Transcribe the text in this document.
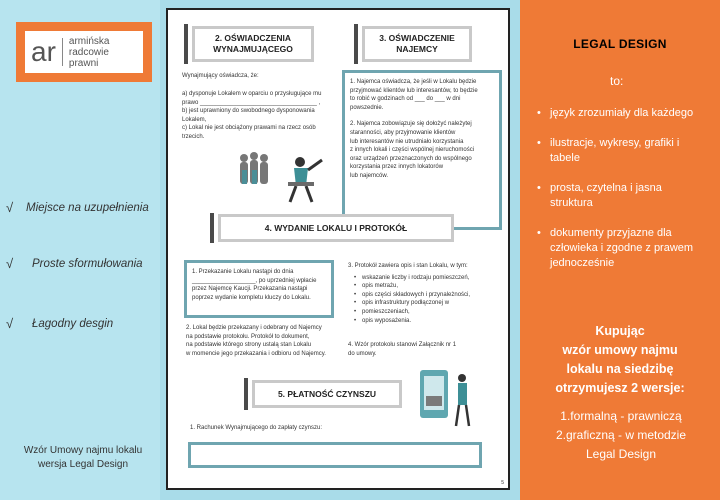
ar	armińska
radcowie
prawni
√	Miejsce na uzupełnienia
√	Proste sformułowania
√	Łagodny desgin
Wzór Umowy najmu lokalu
wersja Legal Design
2. OŚWIADCZENIA
WYNAJMUJĄCEGO
Wynajmujący oświadcza, że:
a) dysponuje Lokalem w oparciu o przysługujące mu
prawo ___________________________________ ,
b) jest uprawniony do swobodnego dysponowania
Lokalem,
c) Lokal nie jest obciążony prawami na rzecz osób
trzecich.
3. OŚWIADCZENIE
NAJEMCY
1. Najemca oświadcza, że jeśli w Lokalu będzie
przyjmować klientów lub interesantów, to będzie
to robić w godzinach od ___ do ___ w dni
powszednie.
2. Najemca zobowiązuje się dołożyć należytej
staranności, aby przyjmowanie klientów
lub interesantów nie utrudniało korzystania
z innych lokali i części wspólnej nieruchomości
oraz urządzeń przeznaczonych do wspólnego
korzystania przez innych lokatorów
lub najemców.
4. WYDANIE LOKALU I PROTOKÓŁ
1. Przekazanie Lokalu nastąpi do dnia
___________________, po uprzedniej wpłacie
przez Najemcę Kaucji. Przekazania nastąpi
poprzez wydanie kompletu kluczy do Lokalu.
2. Lokal będzie przekazany i odebrany od Najemcy
na podstawie protokołu. Protokół to dokument,
na podstawie którego strony ustalą stan Lokalu
w momencie jego przekazania i odbioru od Najemcy.
3. Protokół zawiera opis i stan Lokalu, w tym:
• wskazanie liczby i rodzaju pomieszczeń,
• opis metrażu,
• opis części składowych i przynależności,
• opis infrastruktury podłączonej w
• pomieszczeniach,
• opis wyposażenia.
4. Wzór protokołu stanowi Załącznik nr 1
do umowy.
5. PŁATNOŚĆ CZYNSZU
1. Rachunek Wynajmującego do zapłaty czynszu:
5
LEGAL DESIGN
to:
• język zrozumiały dla każdego
• ilustracje, wykresy, grafiki i tabele
• prosta, czytelna i jasna struktura
• dokumenty przyjazne dla człowieka i zgodne z prawem jednocześnie
Kupując
wzór umowy najmu
lokalu na siedzibę
otrzymujesz 2 wersje:
1.formalną - prawniczą
2.graficzną - w metodzie
Legal Design
